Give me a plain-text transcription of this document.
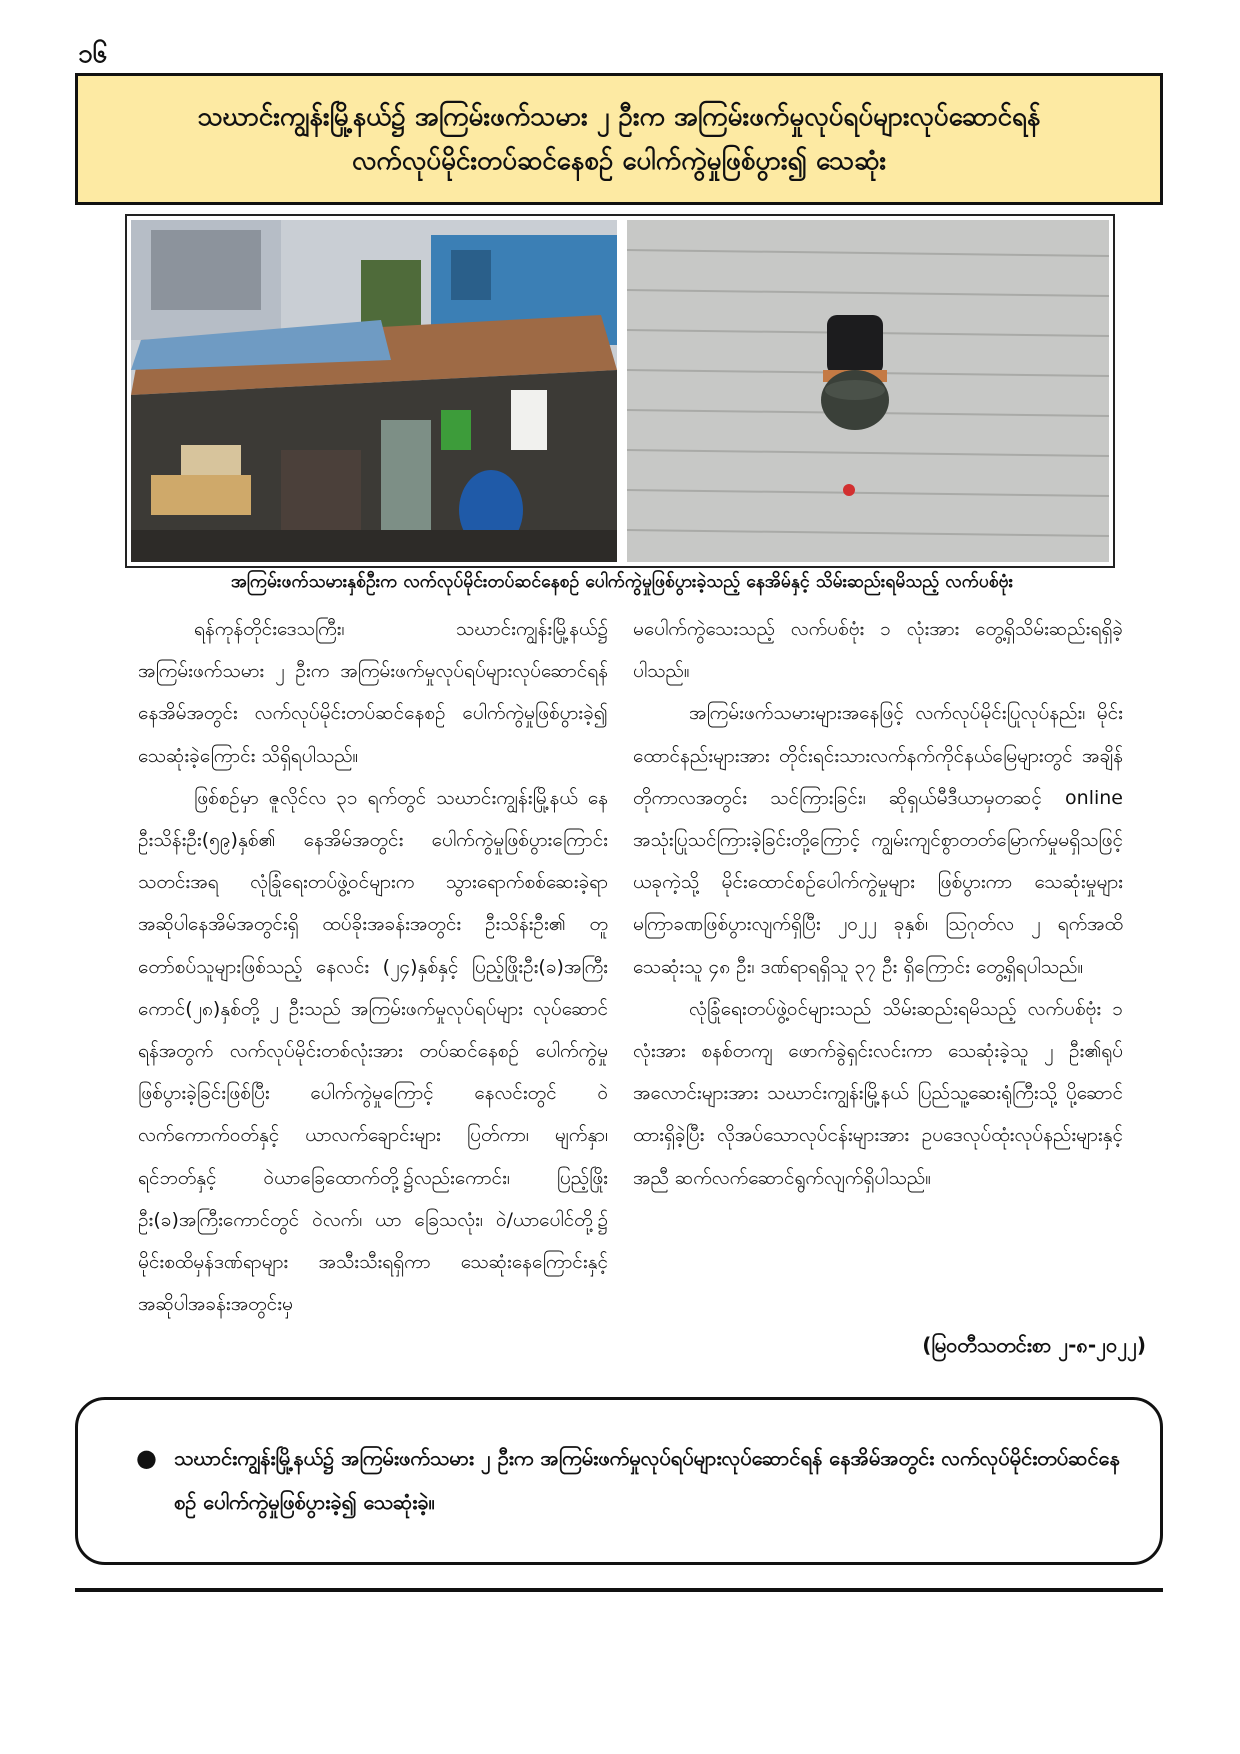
၁၆
သဃာင်းကျွန်းမြို့နယ်၌ အကြမ်းဖက်သမား ၂ ဦးက အကြမ်းဖက်မှုလုပ်ရပ်များလုပ်ဆောင်ရန်
လက်လုပ်မိုင်းတပ်ဆင်နေစဉ် ပေါက်ကွဲမှုဖြစ်ပွား၍ သေဆုံး
အကြမ်းဖက်သမားနှစ်ဦးက လက်လုပ်မိုင်းတပ်ဆင်နေစဉ် ပေါက်ကွဲမှုဖြစ်ပွားခဲ့သည့် နေအိမ်နှင့် သိမ်းဆည်းရမိသည့် လက်ပစ်ဗုံး

ရန်ကုန်တိုင်းဒေသကြီး၊ သဃာင်းကျွန်းမြို့နယ်၌ အကြမ်းဖက်သမား ၂ ဦးက အကြမ်းဖက်မှုလုပ်ရပ်များလုပ်ဆောင်ရန် နေအိမ်အတွင်း လက်လုပ်မိုင်းတပ်ဆင်နေစဉ် ပေါက်ကွဲမှုဖြစ်ပွားခဲ့၍ သေဆုံးခဲ့ကြောင်း သိရှိရပါသည်။

ဖြစ်စဉ်မှာ ဇူလိုင်လ ၃၁ ရက်တွင် သဃာင်းကျွန်းမြို့နယ် နေ ဦးသိန်းဦး(၅၉)နှစ်၏ နေအိမ်အတွင်း ပေါက်ကွဲမှုဖြစ်ပွားကြောင်း သတင်းအရ လုံခြုံရေးတပ်ဖွဲ့ဝင်များက သွားရောက်စစ်ဆေးခဲ့ရာ အဆိုပါနေအိမ်အတွင်းရှိ ထပ်ခိုးအခန်းအတွင်း ဦးသိန်းဦး၏ တူတော်စပ်သူများဖြစ်သည့် နေလင်း (၂၄)နှစ်နှင့် ပြည့်ဖြိုးဦး(ခ)အကြီးကောင်(၂၈)နှစ်တို့ ၂ ဦးသည် အကြမ်းဖက်မှုလုပ်ရပ်များ လုပ်ဆောင်ရန်အတွက် လက်လုပ်မိုင်းတစ်လုံးအား တပ်ဆင်နေစဉ် ပေါက်ကွဲမှုဖြစ်ပွားခဲ့ခြင်းဖြစ်ပြီး ပေါက်ကွဲမှုကြောင့် နေလင်းတွင် ဝဲလက်ကောက်ဝတ်နှင့် ယာလက်ချောင်းများ ပြတ်ကာ၊ မျက်နှာ၊ ရင်ဘတ်နှင့် ဝဲယာခြေထောက်တို့၌လည်းကောင်း၊ ပြည့်ဖြိုးဦး(ခ)အကြီးကောင်တွင် ဝဲလက်၊ ယာ ခြေသလုံး၊ ဝဲ/ယာပေါင်တို့၌ မိုင်းစထိမှန်ဒဏ်ရာများ အသီးသီးရရှိကာ သေဆုံးနေကြောင်းနှင့် အဆိုပါအခန်းအတွင်းမှ

မပေါက်ကွဲသေးသည့် လက်ပစ်ဗုံး ၁ လုံးအား တွေ့ရှိသိမ်းဆည်းရရှိခဲ့ပါသည်။

အကြမ်းဖက်သမားများအနေဖြင့် လက်လုပ်မိုင်းပြုလုပ်နည်း၊ မိုင်းထောင်နည်းများအား တိုင်းရင်းသားလက်နက်ကိုင်နယ်မြေများတွင် အချိန်တိုကာလအတွင်း သင်ကြားခြင်း၊ ဆိုရှယ်မီဒီယာမှတဆင့် online အသုံးပြုသင်ကြားခဲ့ခြင်းတို့ကြောင့် ကျွမ်းကျင်စွာတတ်မြောက်မှုမရှိသဖြင့် ယခုကဲ့သို့ မိုင်းထောင်စဉ်ပေါက်ကွဲမှုများ ဖြစ်ပွားကာ သေဆုံးမှုများ မကြာခဏဖြစ်ပွားလျက်ရှိပြီး ၂၀၂၂ ခုနှစ်၊ ဩဂုတ်လ ၂ ရက်အထိ သေဆုံးသူ ၄၈ ဦး၊ ဒဏ်ရာရရှိသူ ၃၇ ဦး ရှိကြောင်း တွေ့ရှိရပါသည်။

လုံခြုံရေးတပ်ဖွဲ့ဝင်များသည် သိမ်းဆည်းရမိသည့် လက်ပစ်ဗုံး ၁ လုံးအား စနစ်တကျ ဖောက်ခွဲရှင်းလင်းကာ သေဆုံးခဲ့သူ ၂ ဦး၏ရုပ်အလောင်းများအား သဃာင်းကျွန်းမြို့နယ် ပြည်သူ့ဆေးရုံကြီးသို့ ပို့ဆောင်ထားရှိခဲ့ပြီး လိုအပ်သောလုပ်ငန်းများအား ဥပဒေလုပ်ထုံးလုပ်နည်းများနှင့်အညီ ဆက်လက်ဆောင်ရွက်လျက်ရှိပါသည်။

(မြဝတီသတင်းစာ ၂-၈-၂၀၂၂)
● သဃာင်းကျွန်းမြို့နယ်၌ အကြမ်းဖက်သမား ၂ ဦးက အကြမ်းဖက်မှုလုပ်ရပ်များလုပ်ဆောင်ရန် နေအိမ်အတွင်း လက်လုပ်မိုင်းတပ်ဆင်နေစဉ် ပေါက်ကွဲမှုဖြစ်ပွားခဲ့၍ သေဆုံးခဲ့။
